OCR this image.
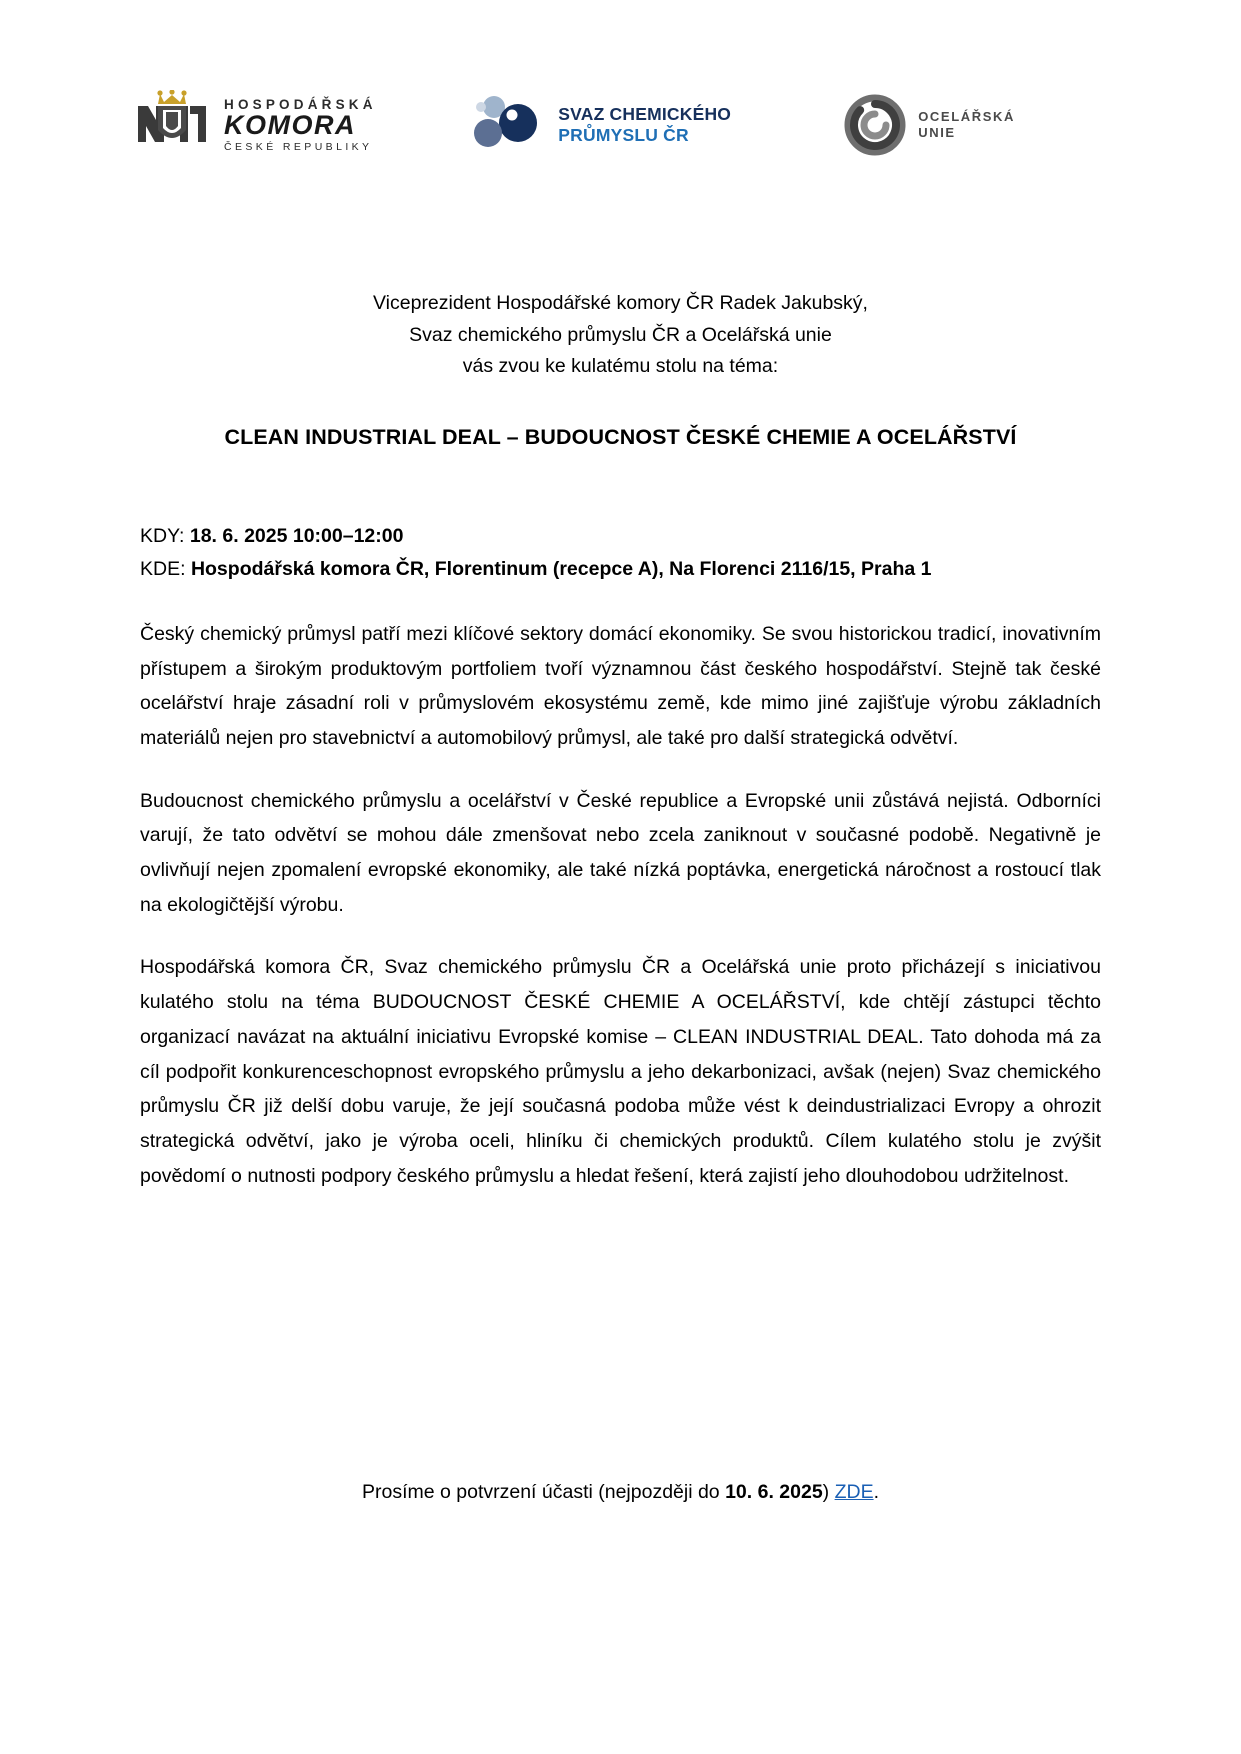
HOSPODÁŘSKÁ
KOMORA
ČESKÉ REPUBLIKY
SVAZ CHEMICKÉHO
PRŮMYSLU ČR
OCELÁŘSKÁ
UNIE
Viceprezident Hospodářské komory ČR Radek Jakubský,
Svaz chemického průmyslu ČR a Ocelářská unie
vás zvou ke kulatému stolu na téma:
CLEAN INDUSTRIAL DEAL – BUDOUCNOST ČESKÉ CHEMIE A OCELÁŘSTVÍ
KDY: 18. 6. 2025 10:00–12:00
KDE: Hospodářská komora ČR, Florentinum (recepce A), Na Florenci 2116/15, Praha 1

Český chemický průmysl patří mezi klíčové sektory domácí ekonomiky. Se svou historickou tradicí, inovativním přístupem a širokým produktovým portfoliem tvoří významnou část českého hospodářství. Stejně tak české ocelářství hraje zásadní roli v průmyslovém ekosystému země, kde mimo jiné zajišťuje výrobu základních materiálů nejen pro stavebnictví a automobilový průmysl, ale také pro další strategická odvětví.

Budoucnost chemického průmyslu a ocelářství v České republice a Evropské unii zůstává nejistá. Odborníci varují, že tato odvětví se mohou dále zmenšovat nebo zcela zaniknout v současné podobě. Negativně je ovlivňují nejen zpomalení evropské ekonomiky, ale také nízká poptávka, energetická náročnost a rostoucí tlak na ekologičtější výrobu.

Hospodářská komora ČR, Svaz chemického průmyslu ČR a Ocelářská unie proto přicházejí s iniciativou kulatého stolu na téma BUDOUCNOST ČESKÉ CHEMIE A OCELÁŘSTVÍ, kde chtějí zástupci těchto organizací navázat na aktuální iniciativu Evropské komise – CLEAN INDUSTRIAL DEAL. Tato dohoda má za cíl podpořit konkurenceschopnost evropského průmyslu a jeho dekarbonizaci, avšak (nejen) Svaz chemického průmyslu ČR již delší dobu varuje, že její současná podoba může vést k deindustrializaci Evropy a ohrozit strategická odvětví, jako je výroba oceli, hliníku či chemických produktů. Cílem kulatého stolu je zvýšit povědomí o nutnosti podpory českého průmyslu a hledat řešení, která zajistí jeho dlouhodobou udržitelnost.

Prosíme o potvrzení účasti (nejpozději do 10. 6. 2025) ZDE.
